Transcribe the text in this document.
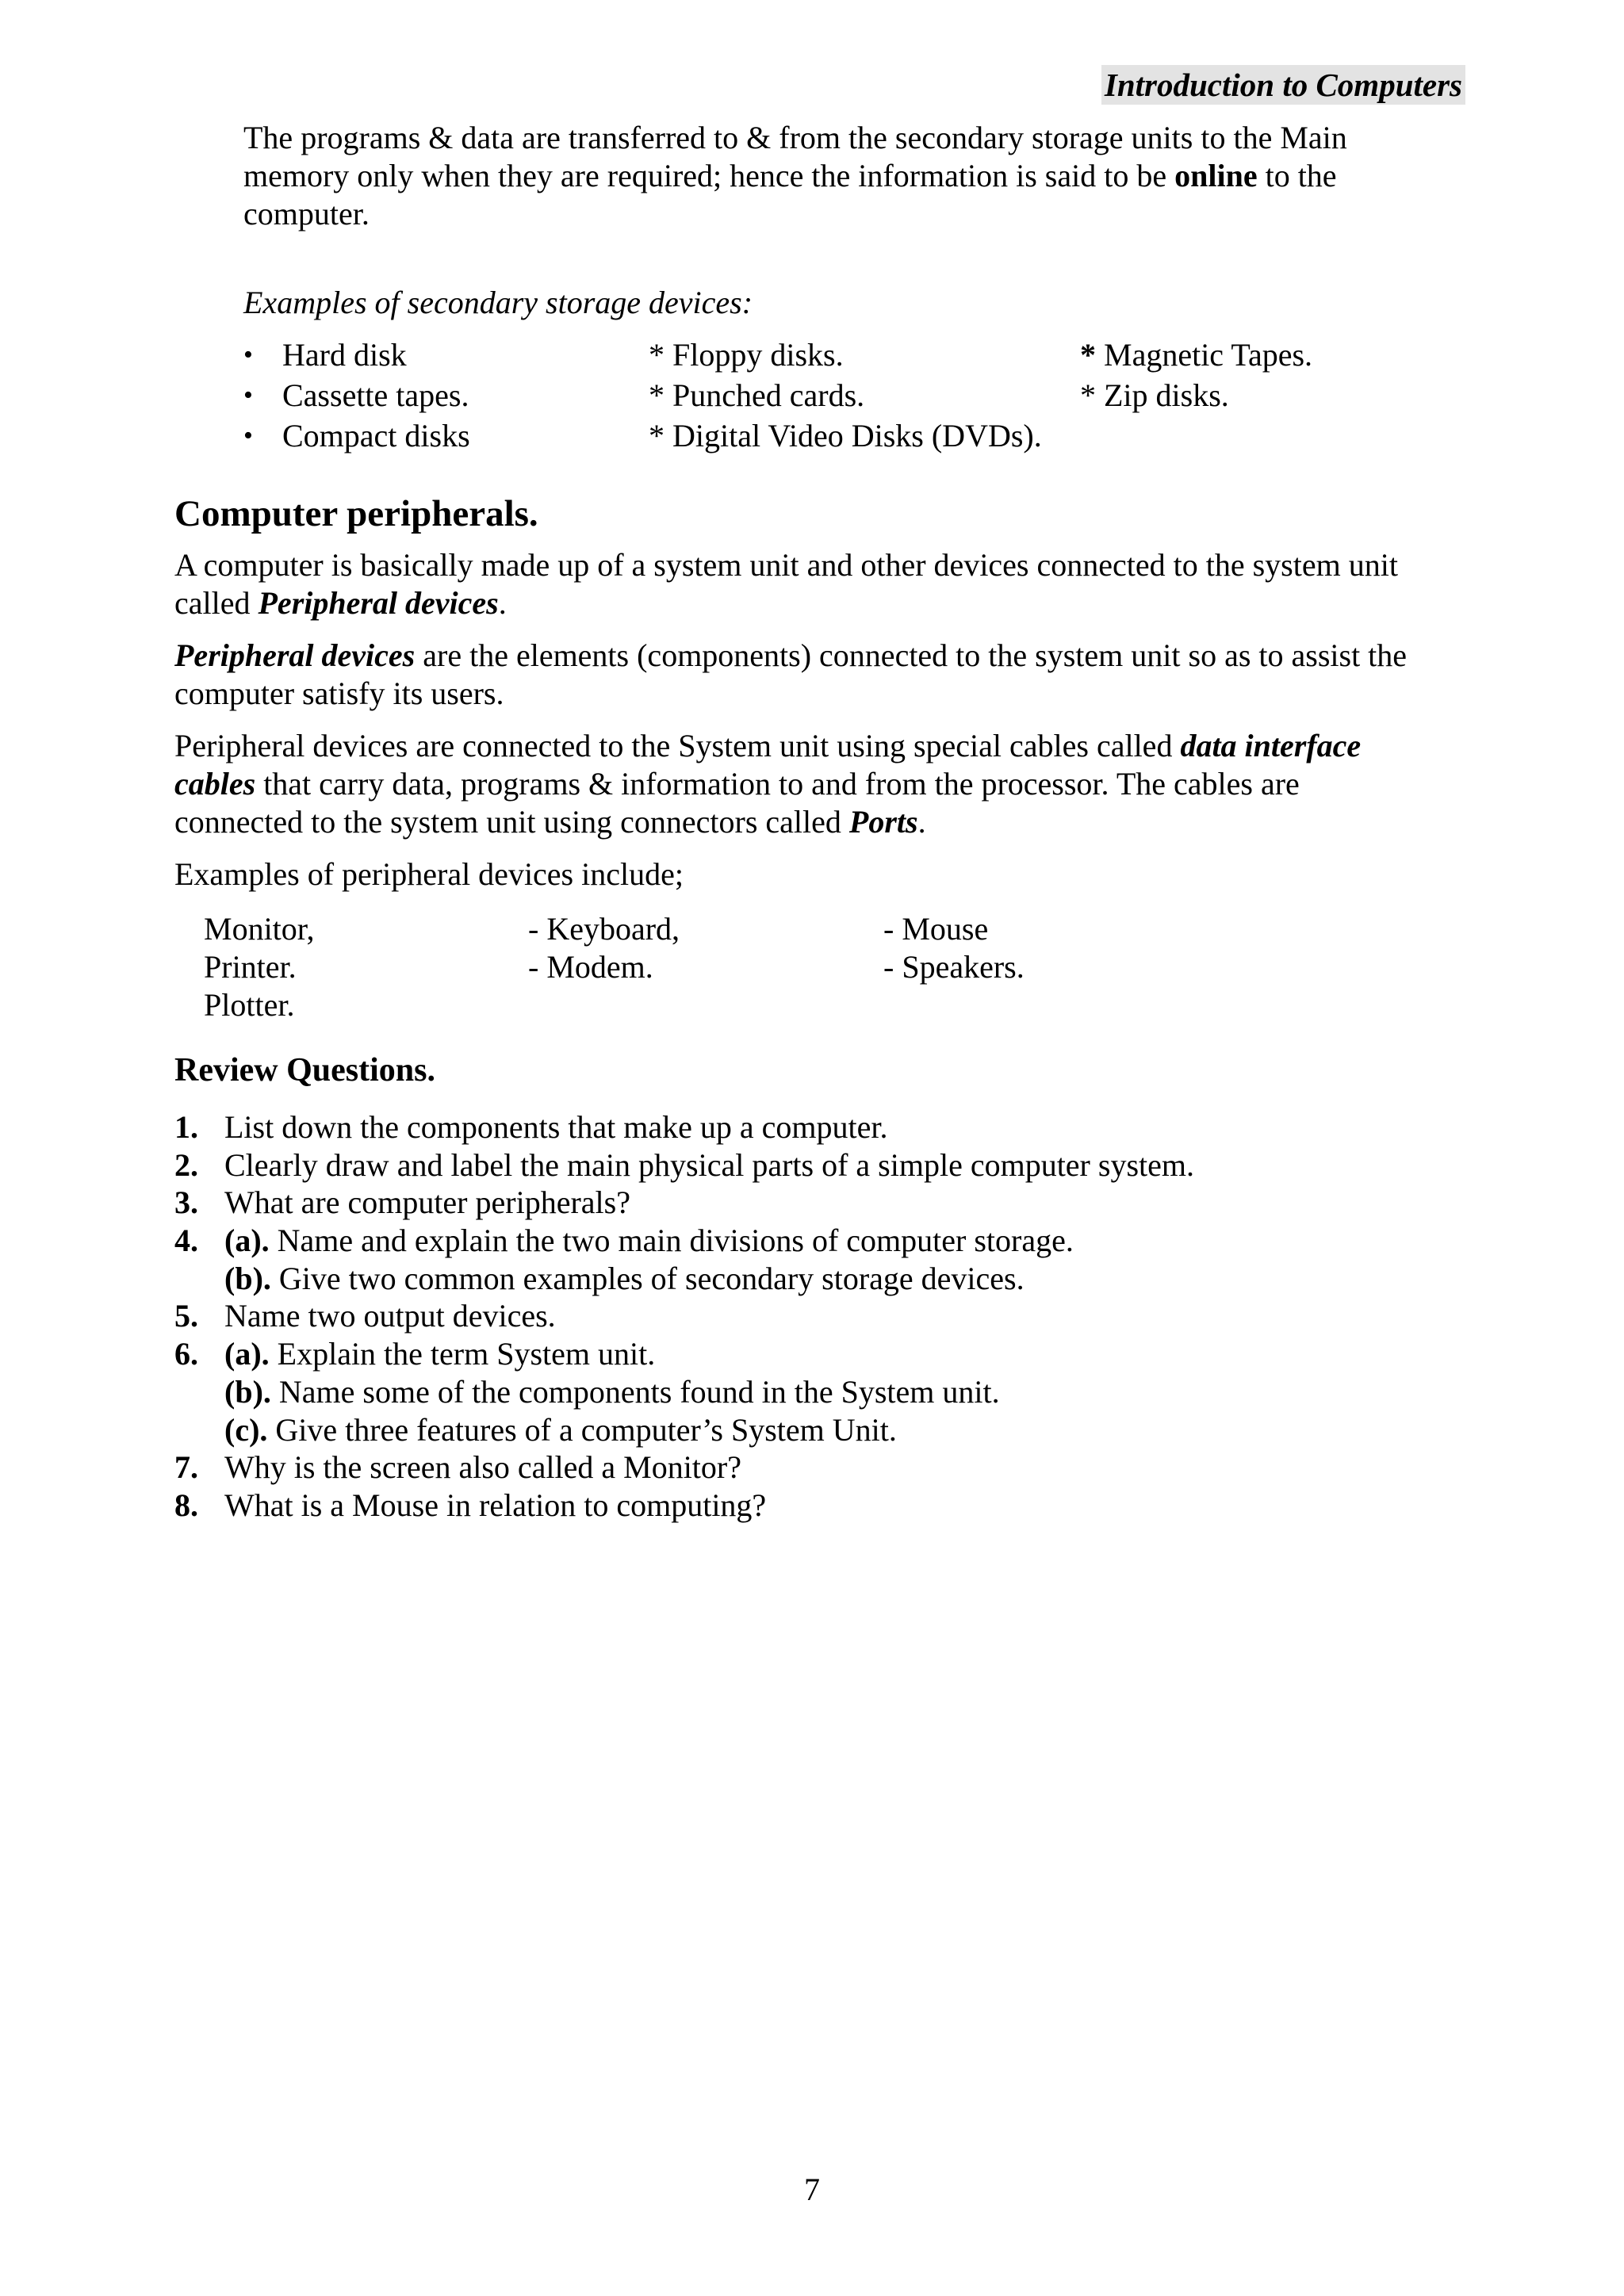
Introduction to Computers
The programs & data are transferred to & from the secondary storage units to the Main
memory only when they are required; hence the information is said to be online to the
computer.
Examples of secondary storage devices:
• Hard disk	* Floppy disks.	* Magnetic Tapes.
• Cassette tapes.	* Punched cards.	* Zip disks.
• Compact disks	* Digital Video Disks (DVDs).
Computer peripherals.
A computer is basically made up of a system unit and other devices connected to the system unit
called Peripheral devices.
Peripheral devices are the elements (components) connected to the system unit so as to assist the
computer satisfy its users.
Peripheral devices are connected to the System unit using special cables called data interface
cables that carry data, programs & information to and from the processor. The cables are
connected to the system unit using connectors called Ports.
Examples of peripheral devices include;
Monitor,	- Keyboard,	- Mouse
Printer.	- Modem.	- Speakers.
Plotter.
Review Questions.
1. List down the components that make up a computer.
2. Clearly draw and label the main physical parts of a simple computer system.
3. What are computer peripherals?
4. (a). Name and explain the two main divisions of computer storage.
(b). Give two common examples of secondary storage devices.
5. Name two output devices.
6. (a). Explain the term System unit.
(b). Name some of the components found in the System unit.
(c). Give three features of a computer’s System Unit.
7. Why is the screen also called a Monitor?
8. What is a Mouse in relation to computing?
7
